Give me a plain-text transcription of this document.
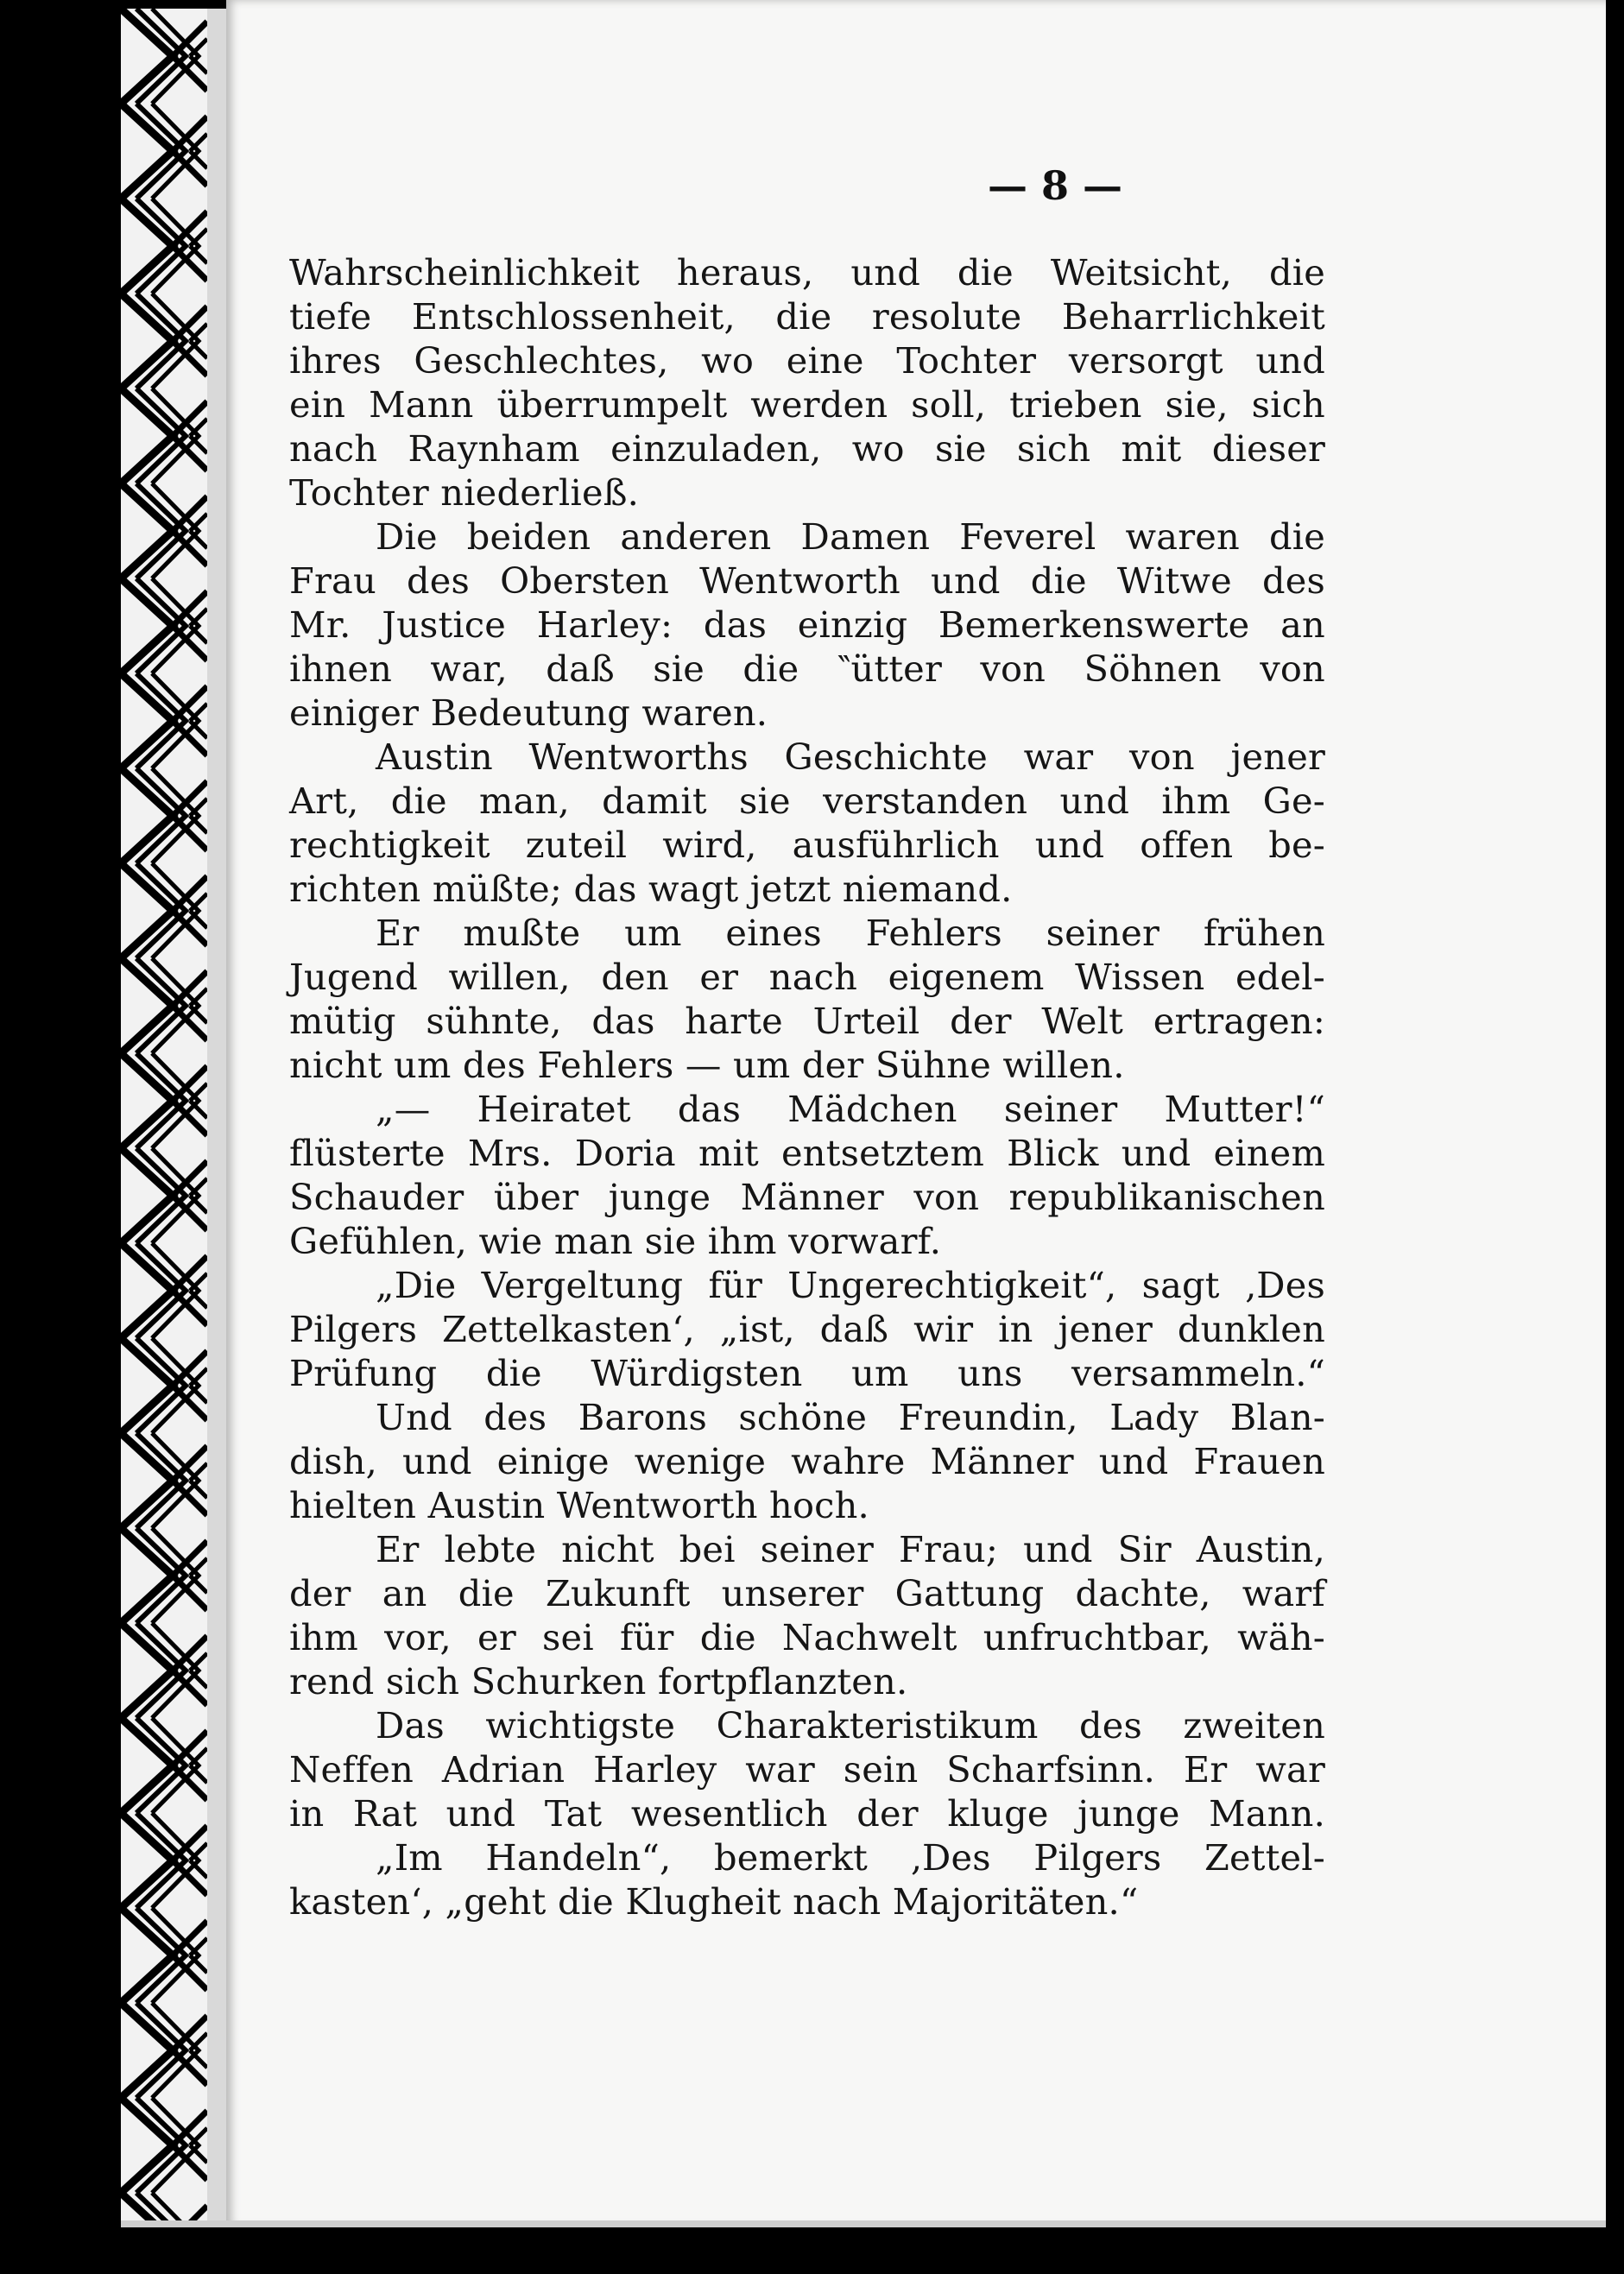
— 8 —
Wahrscheinlichkeit heraus, und die Weitsicht, die
tiefe Entschlossenheit, die resolute Beharrlichkeit
ihres Geschlechtes, wo eine Tochter versorgt und
ein Mann überrumpelt werden soll, trieben sie, sich
nach Raynham einzuladen, wo sie sich mit dieser
Tochter niederließ.
Die beiden anderen Damen Feverel waren die
Frau des Obersten Wentworth und die Witwe des
Mr. Justice Harley: das einzig Bemerkenswerte an
ihnen war, daß sie die ‶ütter von Söhnen von
einiger Bedeutung waren.
Austin Wentworths Geschichte war von jener
Art, die man, damit sie verstanden und ihm Ge-
rechtigkeit zuteil wird, ausführlich und offen be-
richten müßte; das wagt jetzt niemand.
Er mußte um eines Fehlers seiner frühen
Jugend willen, den er nach eigenem Wissen edel-
mütig sühnte, das harte Urteil der Welt ertragen:
nicht um des Fehlers — um der Sühne willen.
„— Heiratet das Mädchen seiner Mutter!“
flüsterte Mrs. Doria mit entsetztem Blick und einem
Schauder über junge Männer von republikanischen
Gefühlen, wie man sie ihm vorwarf.
„Die Vergeltung für Ungerechtigkeit“, sagt ‚Des
Pilgers Zettelkasten‘, „ist, daß wir in jener dunklen
Prüfung die Würdigsten um uns versammeln.“
Und des Barons schöne Freundin, Lady Blan-
dish, und einige wenige wahre Männer und Frauen
hielten Austin Wentworth hoch.
Er lebte nicht bei seiner Frau; und Sir Austin,
der an die Zukunft unserer Gattung dachte, warf
ihm vor, er sei für die Nachwelt unfruchtbar, wäh-
rend sich Schurken fortpflanzten.
Das wichtigste Charakteristikum des zweiten
Neffen Adrian Harley war sein Scharfsinn. Er war
in Rat und Tat wesentlich der kluge junge Mann.
„Im Handeln“, bemerkt ‚Des Pilgers Zettel-
kasten‘, „geht die Klugheit nach Majoritäten.“
